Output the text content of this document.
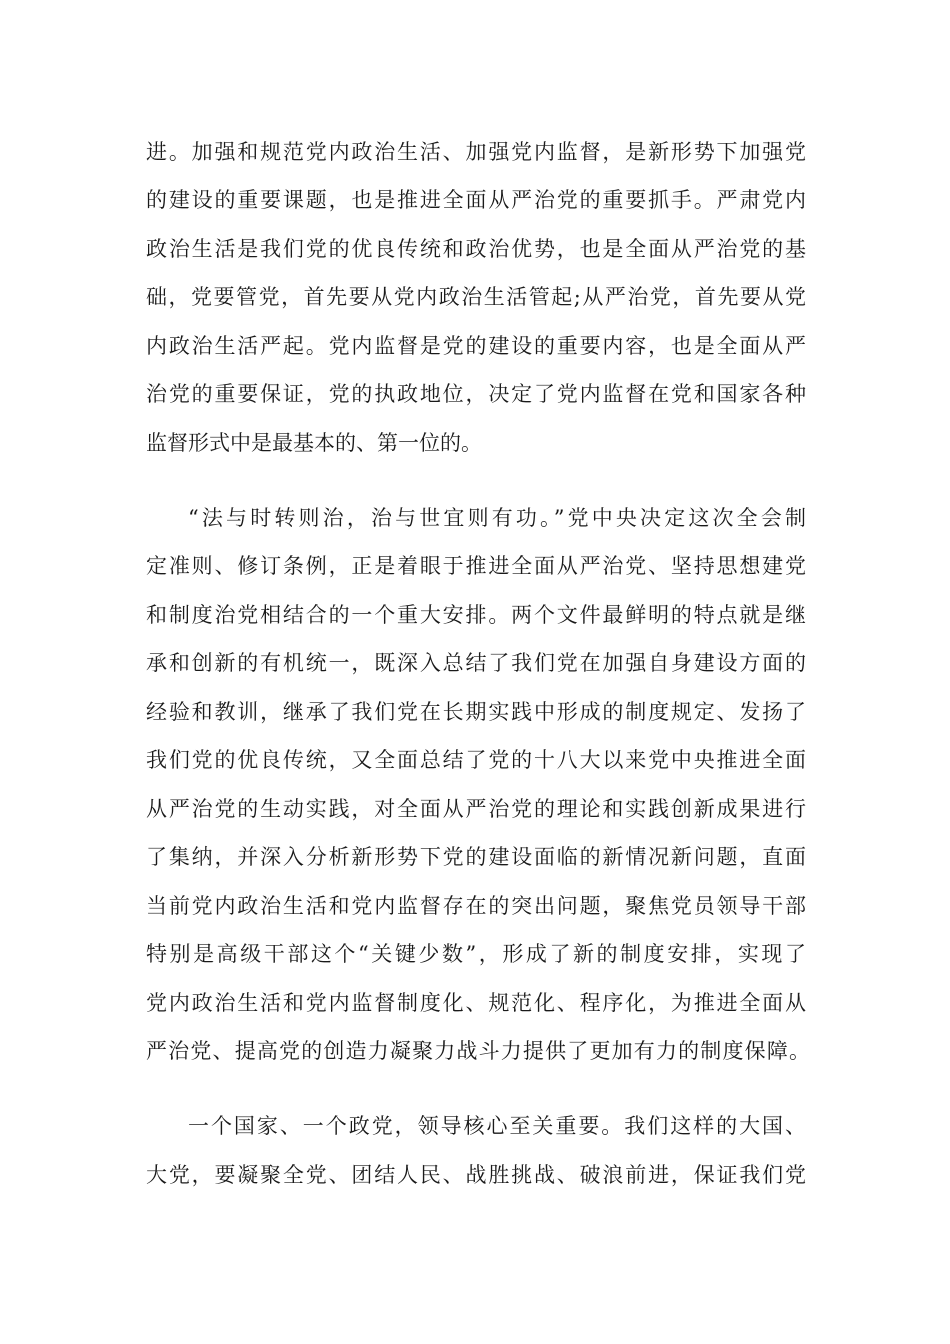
进。加强和规范党内政治生活、加强党内监督，是新形势下加强党
的建设的重要课题，也是推进全面从严治党的重要抓手。严肃党内
政治生活是我们党的优良传统和政治优势，也是全面从严治党的基
础，党要管党，首先要从党内政治生活管起;从严治党，首先要从党
内政治生活严起。党内监督是党的建设的重要内容，也是全面从严
治党的重要保证，党的执政地位，决定了党内监督在党和国家各种
监督形式中是最基本的、第一位的。
“法与时转则治，治与世宜则有功。”党中央决定这次全会制
定准则、修订条例，正是着眼于推进全面从严治党、坚持思想建党
和制度治党相结合的一个重大安排。两个文件最鲜明的特点就是继
承和创新的有机统一，既深入总结了我们党在加强自身建设方面的
经验和教训，继承了我们党在长期实践中形成的制度规定、发扬了
我们党的优良传统，又全面总结了党的十八大以来党中央推进全面
从严治党的生动实践，对全面从严治党的理论和实践创新成果进行
了集纳，并深入分析新形势下党的建设面临的新情况新问题，直面
当前党内政治生活和党内监督存在的突出问题，聚焦党员领导干部
特别是高级干部这个“关键少数”，形成了新的制度安排，实现了
党内政治生活和党内监督制度化、规范化、程序化，为推进全面从
严治党、提高党的创造力凝聚力战斗力提供了更加有力的制度保障。
一个国家、一个政党，领导核心至关重要。我们这样的大国、
大党，要凝聚全党、团结人民、战胜挑战、破浪前进，保证我们党
